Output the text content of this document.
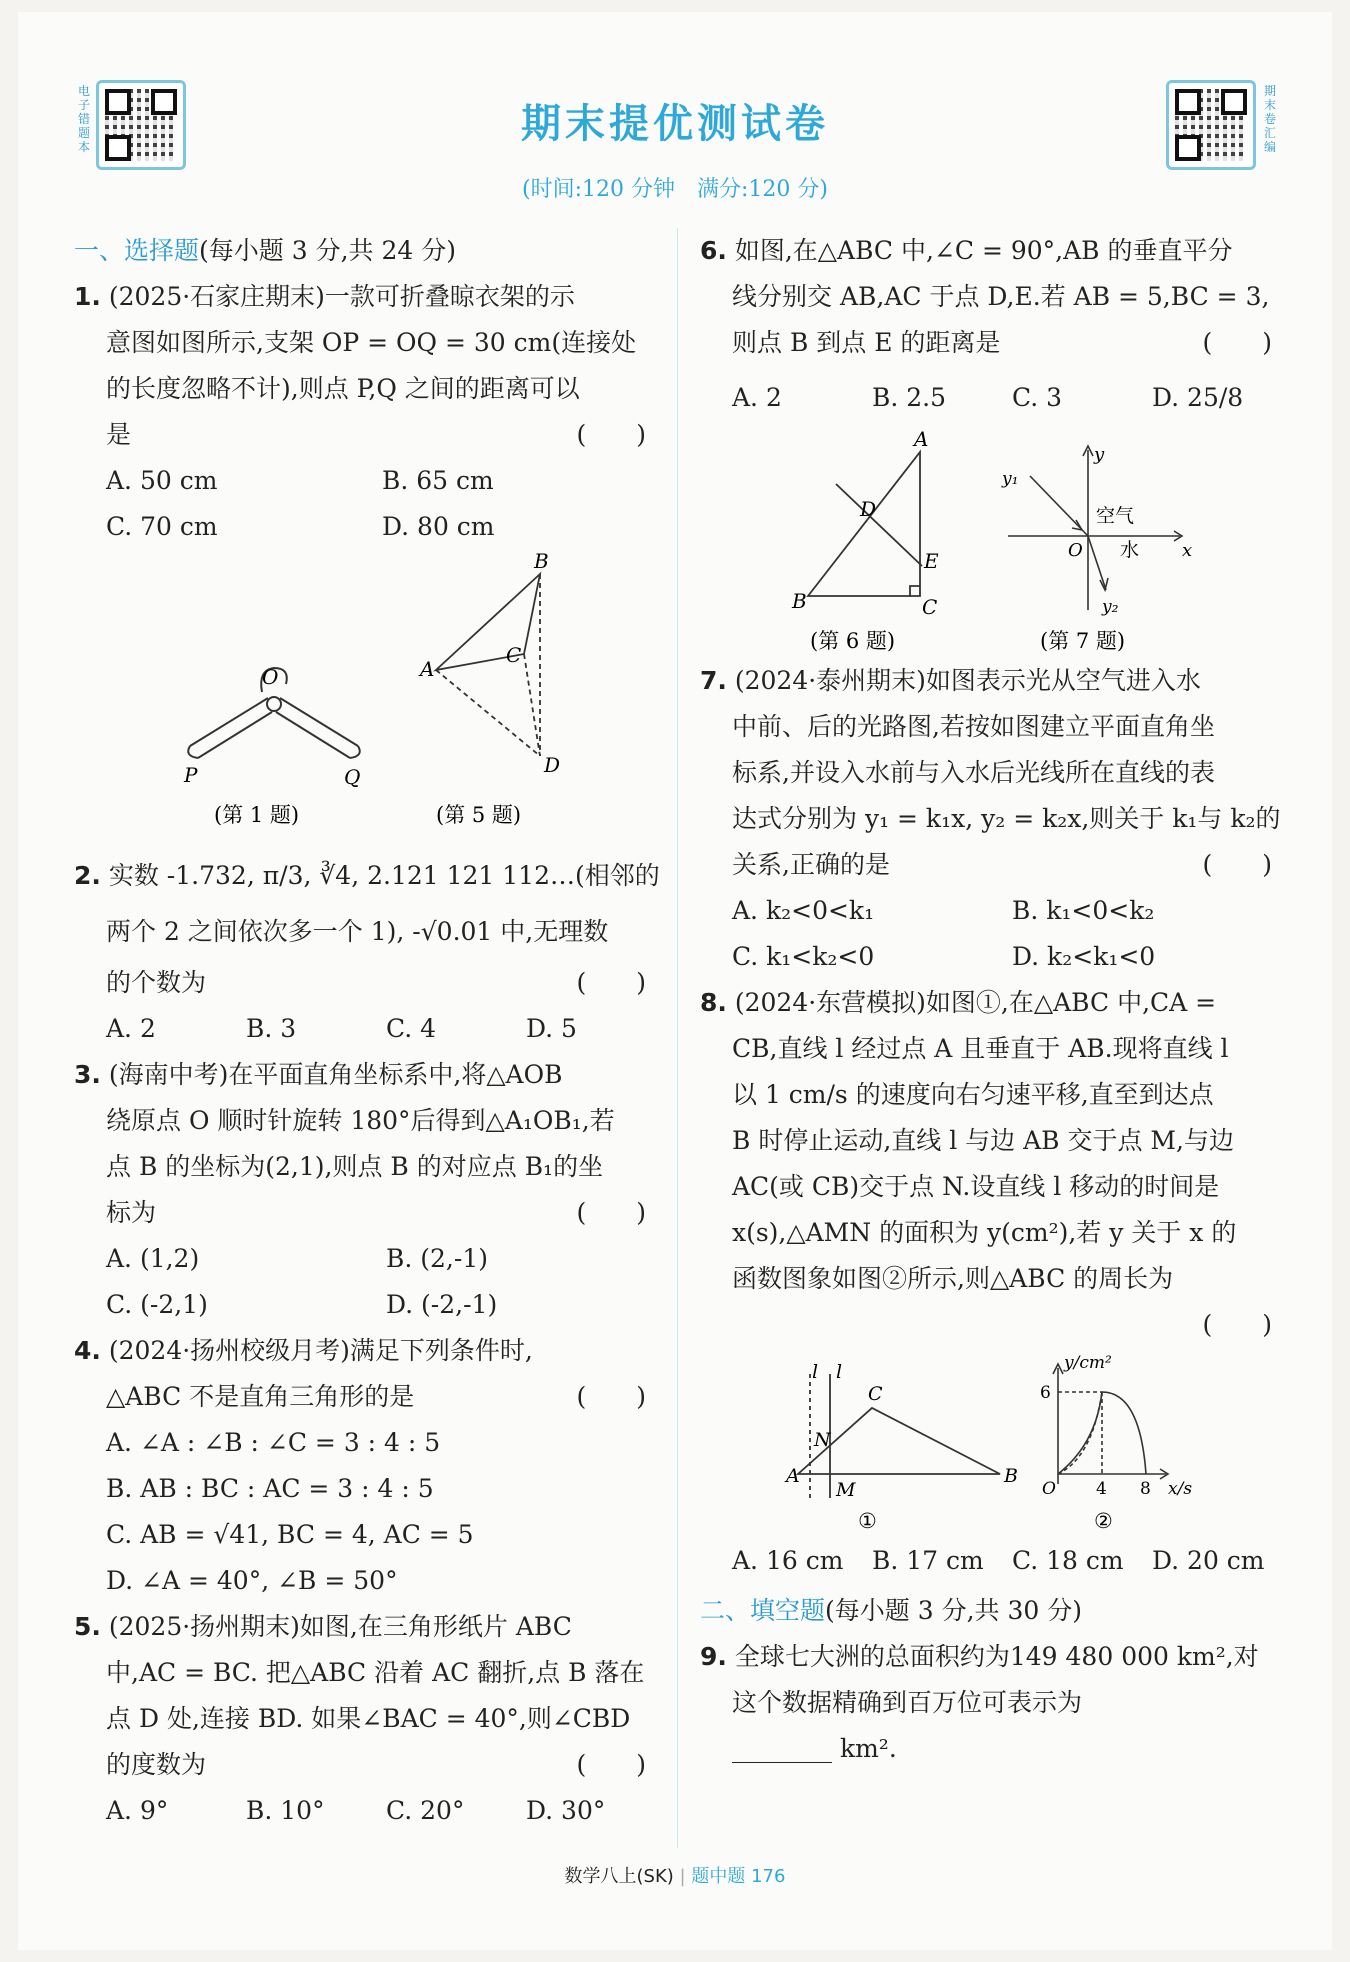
电子错题本
期末卷汇编
期末提优测试卷
(时间:120 分钟　满分:120 分)

一、选择题(每小题 3 分,共 24 分)

1. (2025·石家庄期末)一款可折叠晾衣架的示

意图如图所示,支架 OP = OQ = 30 cm(连接处

的长度忽略不计),则点 P,Q 之间的距离可以

是	(　　)

A. 50 cm	B. 65 cm
C. 70 cm	D. 80 cm
O
P	Q
(第 1 题)
A
B
C
D
(第 5 题)

2. 实数 -1.732, π/3, ∛4, 2.121 121 112…(相邻的

两个 2 之间依次多一个 1), -√0.01 中,无理数

的个数为	(　　)

A. 2	B. 3	C. 4	D. 5

3. (海南中考)在平面直角坐标系中,将△AOB

绕原点 O 顺时针旋转 180°后得到△A₁OB₁,若

点 B 的坐标为(2,1),则点 B 的对应点 B₁的坐

标为	(　　)

A. (1,2)	B. (2,-1)
C. (-2,1)	D. (-2,-1)

4. (2024·扬州校级月考)满足下列条件时,

△ABC 不是直角三角形的是	(　　)

A. ∠A : ∠B : ∠C = 3 : 4 : 5

B. AB : BC : AC = 3 : 4 : 5

C. AB = √41, BC = 4, AC = 5

D. ∠A = 40°, ∠B = 50°

5. (2025·扬州期末)如图,在三角形纸片 ABC

中,AC = BC. 把△ABC 沿着 AC 翻折,点 B 落在

点 D 处,连接 BD. 如果∠BAC = 40°,则∠CBD

的度数为	(　　)

A. 9°	B. 10°	C. 20°	D. 30°

6. 如图,在△ABC 中,∠C = 90°,AB 的垂直平分

线分别交 AB,AC 于点 D,E.若 AB = 5,BC = 3,

则点 B 到点 E 的距离是	(　　)

A. 2	B. 2.5	C. 3	D. 25/8
A
B	C
D
E
(第 6 题)
y
x
O
y₁
y₂
空气
水
(第 7 题)

7. (2024·泰州期末)如图表示光从空气进入水

中前、后的光路图,若按如图建立平面直角坐

标系,并设入水前与入水后光线所在直线的表

达式分别为 y₁ = k₁x, y₂ = k₂x,则关于 k₁与 k₂的

关系,正确的是	(　　)

A. k₂<0<k₁	B. k₁<0<k₂
C. k₁<k₂<0	D. k₂<k₁<0

8. (2024·东营模拟)如图①,在△ABC 中,CA =

CB,直线 l 经过点 A 且垂直于 AB.现将直线 l

以 1 cm/s 的速度向右匀速平移,直至到达点

B 时停止运动,直线 l 与边 AB 交于点 M,与边

AC(或 CB)交于点 N.设直线 l 移动的时间是

x(s),△AMN 的面积为 y(cm²),若 y 关于 x 的

函数图象如图②所示,则△ABC 的周长为

(　　)

l l
A
M
N
C
B
①
y/cm²
6
O 4 8 x/s
②
A. 16 cm	B. 17 cm	C. 18 cm	D. 20 cm

二、填空题(每小题 3 分,共 30 分)

9. 全球七大洲的总面积约为149 480 000 km²,对

这个数据精确到百万位可表示为

________ km².

数学八上(SK) | 题中题 176
